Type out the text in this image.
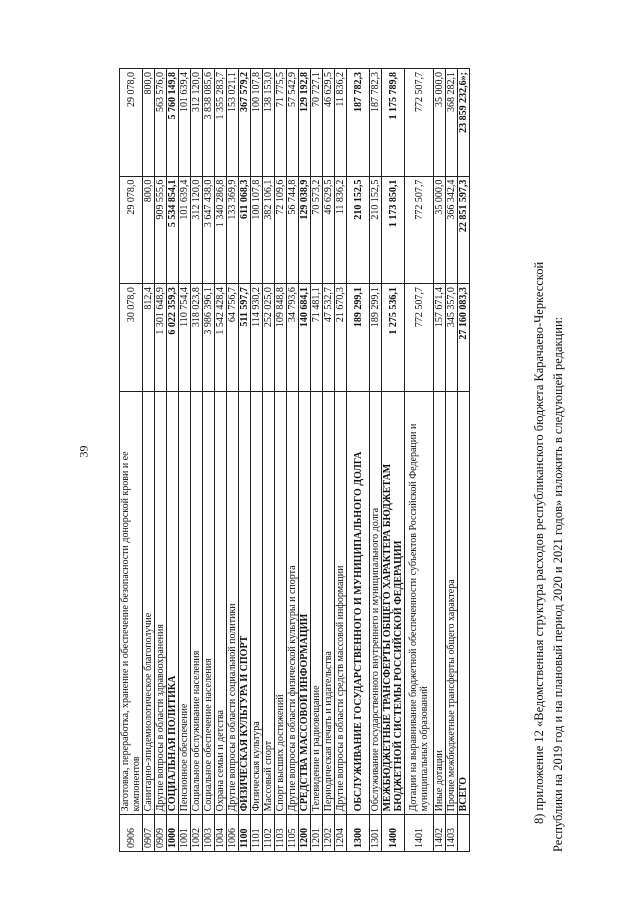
39
0906	Заготовка, переработка, хранение и обеспечение безопасности донорской крови и ее компонентов	30 078,0	29 078,0	29 078,0
0907	Санитарно-эпидемиологическое благополучие	812,4	800,0	800,0
0909	Другие вопросы в области здравоохранения	1 301 648,9	909 555,6	563 576,0
1000	СОЦИАЛЬНАЯ ПОЛИТИКА	6 022 359,3	5 534 854,1	5 760 149,8
1001	Пенсионное обеспечение	110 754,4	101 639,4	101 639,4
1002	Социальное обслуживание населения	318 023,8	312 120,0	312 120,0
1003	Социальное обеспечение населения	3 986 396,1	3 647 438,0	3 838 085,6
1004	Охрана семьи и детства	1 542 428,4	1 340 286,8	1 355 283,7
1006	Другие вопросы в области социальной политики	64 756,7	133 369,9	153 021,1
1100	ФИЗИЧЕСКАЯ КУЛЬТУРА И СПОРТ	511 597,7	611 068,3	367 579,2
1101	Физическая культура	114 930,2	100 107,8	100 107,8
1102	Массовый спорт	252 025,0	382 106,1	138 153,0
1103	Спорт высших достижений	109 848,8	72 109,6	71 775,5
1105	Другие вопросы в области физической культуры и спорта	34 793,6	56 744,8	57 542,9
1200	СРЕДСТВА МАССОВОЙ ИНФОРМАЦИИ	140 684,1	129 038,9	129 192,8
1201	Телевидение и радиовещание	71 481,1	70 573,2	70 727,1
1202	Периодическая печать и издательства	47 532,7	46 629,5	46 629,5
1204	Другие вопросы в области средств массовой информации	21 670,3	11 836,2	11 836,2
1300	ОБСЛУЖИВАНИЕ ГОСУДАРСТВЕННОГО И МУНИЦИПАЛЬНОГО ДОЛГА	189 299,1	210 152,5	187 782,3
1301	Обслуживание государственного внутреннего и муниципального долга	189 299,1	210 152,5	187 782,3
1400	МЕЖБЮДЖЕТНЫЕ ТРАНСФЕРТЫ ОБЩЕГО ХАРАКТЕРА БЮДЖЕТАМ БЮДЖЕТНОЙ СИСТЕМЫ РОССИЙСКОЙ ФЕДЕРАЦИИ	1 275 536,1	1 173 850,1	1 175 789,8
1401	Дотации на выравнивание бюджетной обеспеченности субъектов Российской Федерации и муниципальных образований	772 507,7	772 507,7	772 507,7
1402	Иные дотации	157 671,4	35 000,0	35 000,0
1403	Прочие межбюджетные трансферты общего характера	345 357,0	366 342,4	368 282,1
	ВСЕГО	27 160 083,3	22 851 597,3	23 859 232,6»;

8) приложение 12 «Ведомственная структура расходов республиканского бюджета Карачаево-Черкесской Республики на 2019 год и на плановый период 2020 и 2021 годов» изложить в следующей редакции:
